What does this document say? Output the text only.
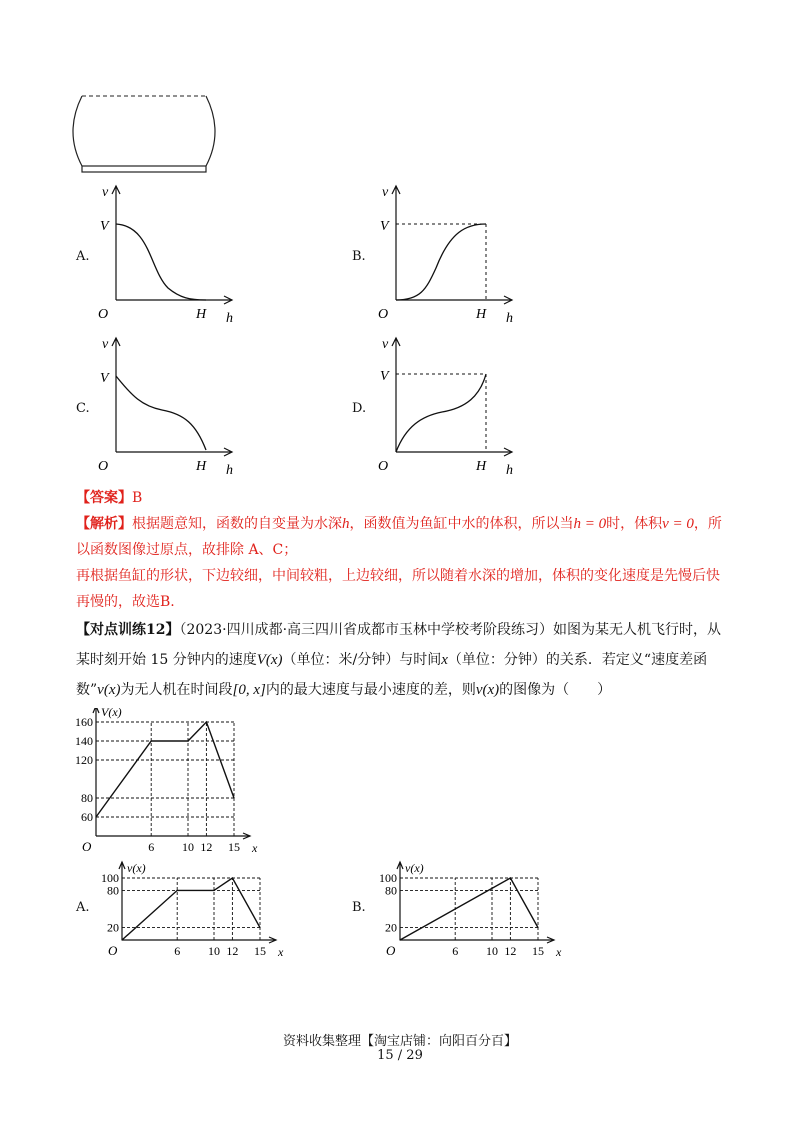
A.
v
V
O	H h
B.
v
V
O	H h
C.
v
V
O	H h
D.
v
V
O	H h
【答案】B
【解析】根据题意知，函数的自变量为水深h，函数值为鱼缸中水的体积，所以当h = 0时，体积v = 0，所
以函数图像过原点，故排除 A、C；
再根据鱼缸的形状，下边较细，中间较粗，上边较细，所以随着水深的增加，体积的变化速度是先慢后快
再慢的，故选B.
【对点训练12】（2023·四川成都·高三四川省成都市玉林中学校考阶段练习）如图为某无人机飞行时，从
某时刻开始 15 分钟内的速度V(x)（单位：米/分钟）与时间x（单位：分钟）的关系．若定义“速度差函
数”v(x)为无人机在时间段[0, x]内的最大速度与最小速度的差，则v(x)的图像为（　　）
60
80
120
140
160
6 10 12 15
V(x)
x
O
A.
20
80
100
6 10 12 15
v(x)
x
O
B.
20
80
100
6 10 12 15
v(x)
x
O
资料收集整理【淘宝店铺：向阳百分百】
15 / 29
